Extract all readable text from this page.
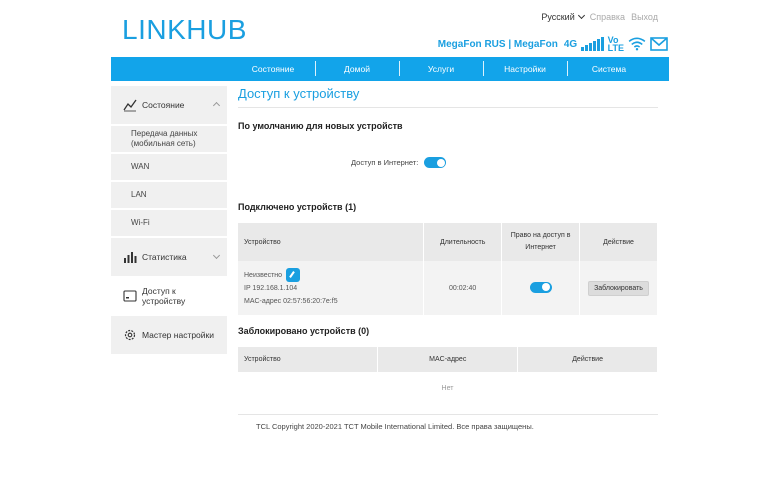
LINKHUB	Русский Справка Выход
MegaFon RUS | MegaFon 4G	Vo
LTE
Состояние	Домой	Услуги	Настройки	Система
Состояние
Передача данных
(мобильная сеть)
WAN
LAN
Wi-Fi
Статистика
Доступ к
устройству
Мастер настройки
Доступ к устройству
По умолчанию для новых устройств
Доступ в Интернет:
Подключено устройств (1)
Устройство	Длительность	Право на доступ в
Интернет	Действие

Неизвестно
IP 192.168.1.104
MAC-адрес 02:57:56:20:7e:f5	00:02:40		Заблокировать
Заблокировано устройств (0)
Устройство	MAC-адрес	Действие
Нет
TCL Copyright 2020-2021 TCT Mobile International Limited. Все права защищены.
